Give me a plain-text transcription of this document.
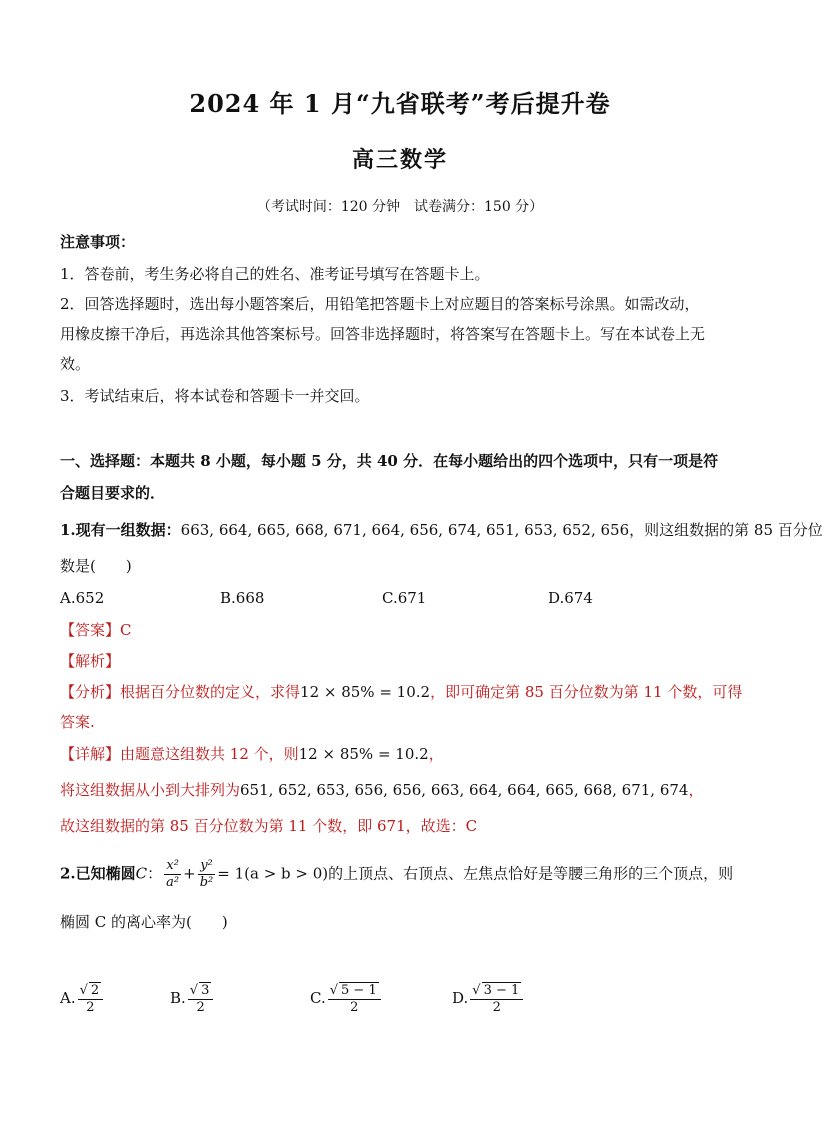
2024 年 1 月“九省联考”考后提升卷
高三数学
（考试时间：120 分钟　试卷满分：150 分）
注意事项：
1．答卷前，考生务必将自己的姓名、准考证号填写在答题卡上。
2．回答选择题时，选出每小题答案后，用铅笔把答题卡上对应题目的答案标号涂黑。如需改动，
用橡皮擦干净后，再选涂其他答案标号。回答非选择题时，将答案写在答题卡上。写在本试卷上无
效。
3．考试结束后，将本试卷和答题卡一并交回。
一、选择题：本题共 8 小题，每小题 5 分，共 40 分．在每小题给出的四个选项中，只有一项是符
合题目要求的．
1.现有一组数据：663, 664, 665, 668, 671, 664, 656, 674, 651, 653, 652, 656，则这组数据的第 85 百分位
数是(　　)
A.652	B.668	C.671	D.674
【答案】C
【解析】
【分析】根据百分位数的定义，求得12 × 85% = 10.2，即可确定第 85 百分位数为第 11 个数，可得
答案.
【详解】由题意这组数共 12 个，则12 × 85% = 10.2，
将这组数据从小到大排列为651, 652, 653, 656, 656, 663, 664, 664, 665, 668, 671, 674，
故这组数据的第 85 百分位数为第 11 个数，即 671，故选：C
2.已知椭圆C： $\frac{\text{x²}}{\text{a²}} + \frac{\text{y²}}{\text{b²}} = 1(a > b > 0)$的上顶点、右顶点、左焦点恰好是等腰三角形的三个顶点，则
椭圆 C 的离心率为(　　)
A. $\frac{√ 2}{2}$	B. $\frac{√ 3}{2}$	C. $\frac{√ 5 - 1}{2}$	D. $\frac{√ 3 - 1}{2}$
